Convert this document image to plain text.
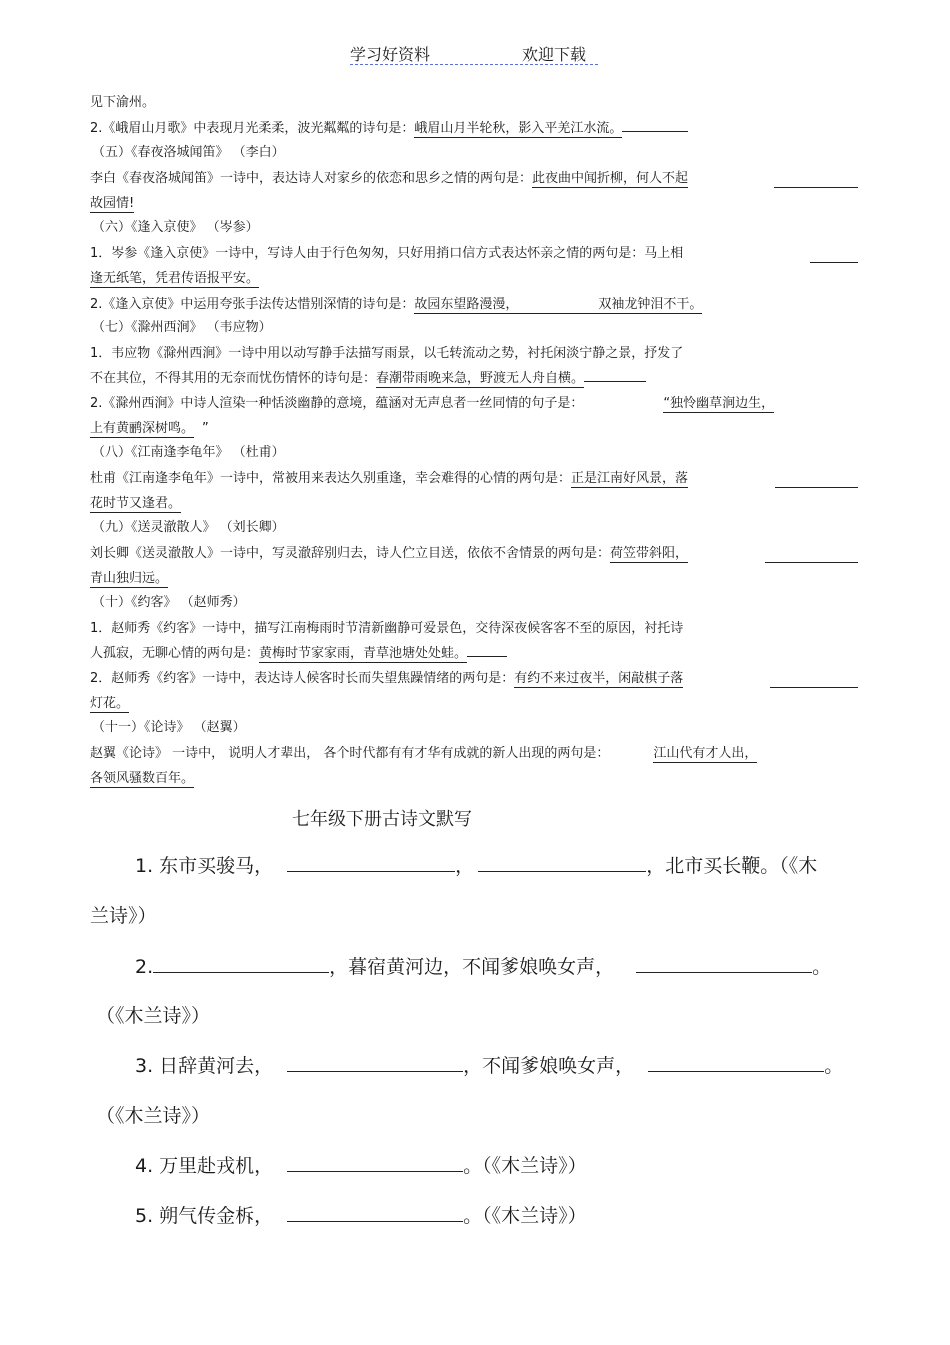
学习好资料	欢迎下载
见下渝州。
2.《峨眉山月歌》中表现月光柔柔，波光粼粼的诗句是：峨眉山月半轮秋，影入平羌江水流。
（五）《春夜洛城闻笛》 （李白）
李白《春夜洛城闻笛》一诗中，表达诗人对家乡的依恋和思乡之情的两句是：此夜曲中闻折柳，何人不起
故园情!
（六）《逢入京使》 （岑参）
1．岑参《逢入京使》一诗中，写诗人由于行色匆匆，只好用捎口信方式表达怀亲之情的两句是：马上相
逢无纸笔，凭君传语报平安。
2.《逢入京使》中运用夸张手法传达惜别深情的诗句是：故园东望路漫漫，	双袖龙钟泪不干。
（七）《滁州西涧》 （韦应物）
1．韦应物《滁州西涧》一诗中用以动写静手法描写雨景，以乇转流动之势，衬托闲淡宁静之景，抒发了
不在其位，不得其用的无奈而忧伤情怀的诗句是：春潮带雨晚来急，野渡无人舟自横。
2.《滁州西涧》中诗人渲染一种恬淡幽静的意境，蕴涵对无声息者一丝同情的句子是：	“独怜幽草涧边生，
上有黄鹂深树鸣。 ”
（八）《江南逢李龟年》 （杜甫）
杜甫《江南逢李龟年》一诗中，常被用来表达久别重逢，幸会难得的心情的两句是：正是江南好风景，落
花时节又逢君。
（九）《送灵澈散人》 （刘长卿）
刘长卿《送灵澈散人》一诗中，写灵澈辞别归去，诗人伫立目送，依依不舍情景的两句是：荷笠带斜阳，
青山独归远。
（十）《约客》 （赵师秀）
1．赵师秀《约客》一诗中，描写江南梅雨时节清新幽静可爱景色，交待深夜候客客不至的原因，衬托诗
人孤寂，无聊心情的两句是：黄梅时节家家雨，青草池塘处处蛙。
2．赵师秀《约客》一诗中，表达诗人候客时长而失望焦躁情绪的两句是：有约不来过夜半，闲敲棋子落
灯花。
（十一）《论诗》 （赵翼）
赵翼《论诗》 一诗中， 说明人才辈出， 各个时代都有有才华有成就的新人出现的两句是：	江山代有才人出，
各领风骚数百年。
七年级下册古诗文默写
1. 东市买骏马，	，	，北市买长鞭。（《木
兰诗》）
2.	，暮宿黄河边，不闻爹娘唤女声，	。
（《木兰诗》）
3. 日辞黄河去，	，不闻爹娘唤女声，	。
（《木兰诗》）
4. 万里赴戎机，	。（《木兰诗》）
5. 朔气传金柝，	。（《木兰诗》）
